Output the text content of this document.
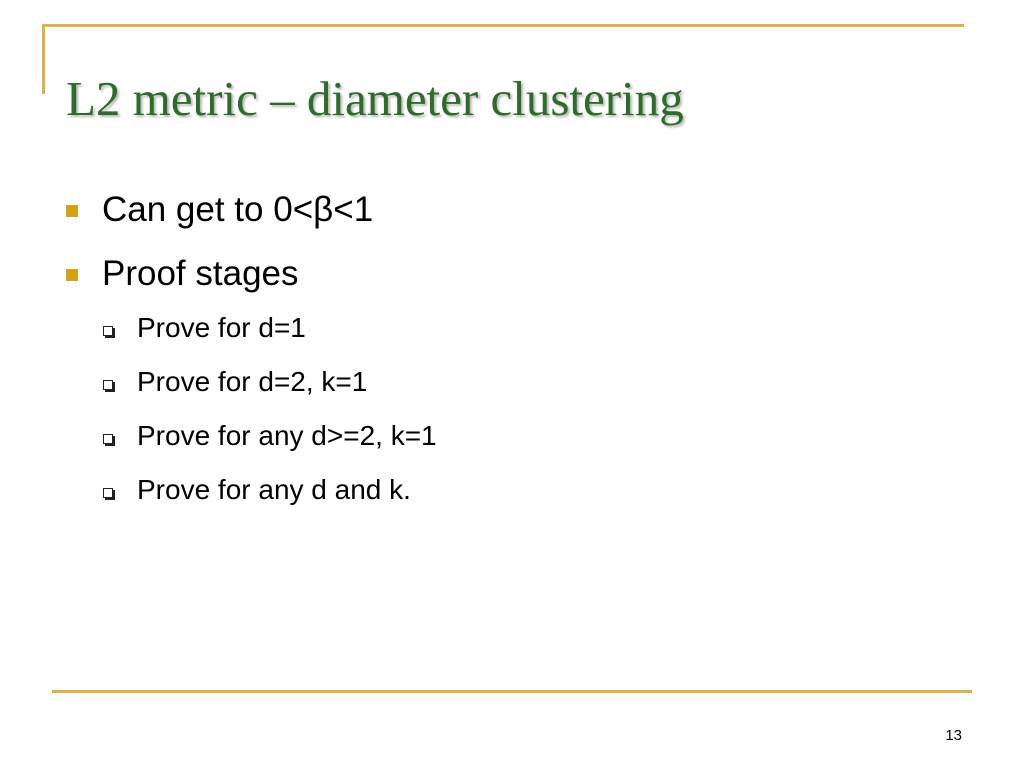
L2 metric – diameter clustering
Can get to 0<β<1
Proof stages
Prove for d=1
Prove for d=2, k=1
Prove for any d>=2, k=1
Prove for any d and k.
13
